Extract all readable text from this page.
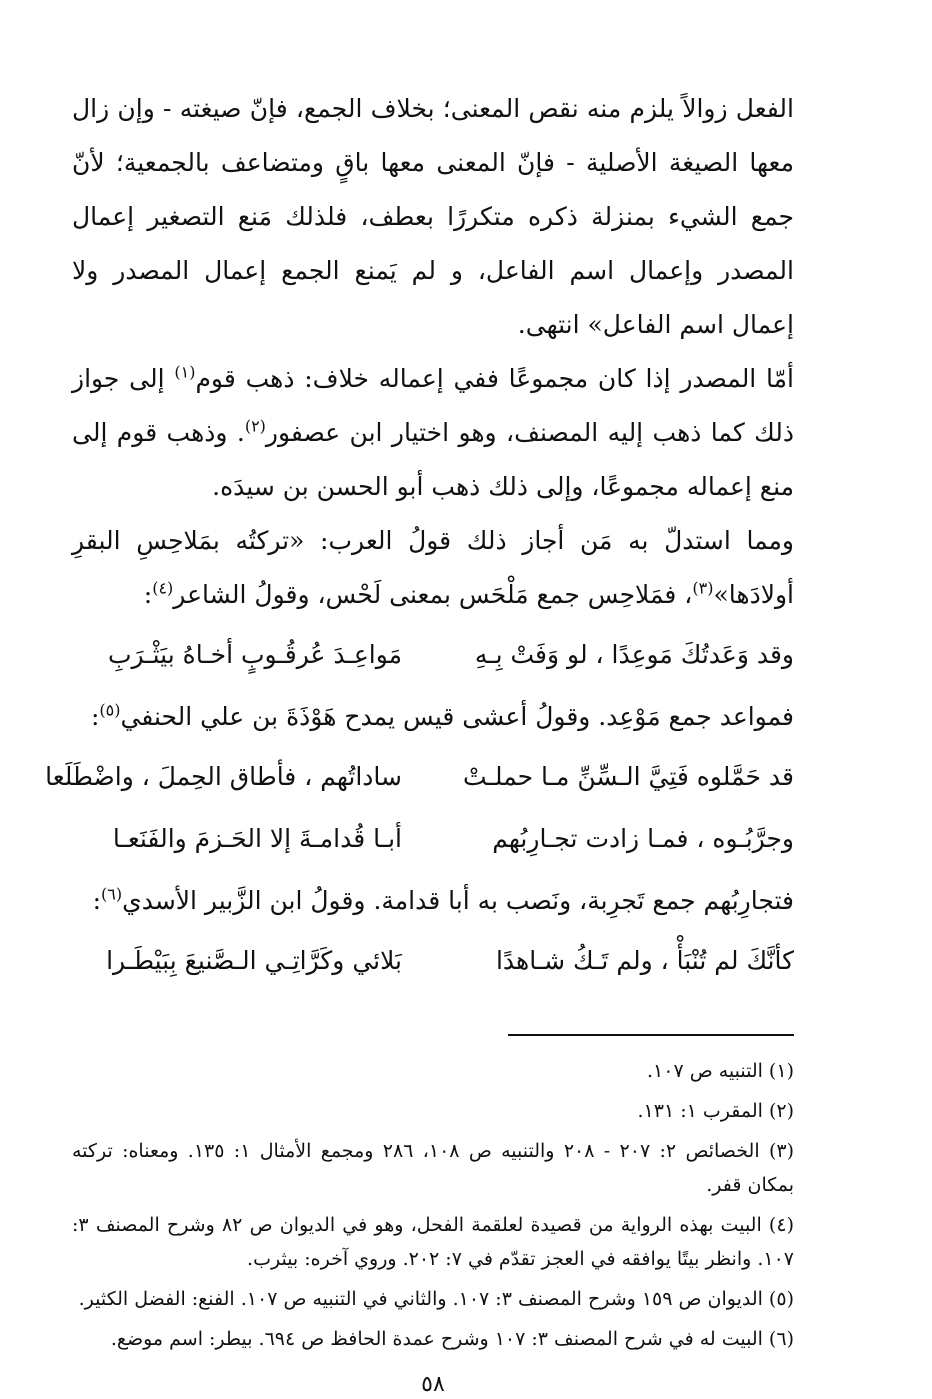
الفعل زوالاً يلزم منه نقص المعنى؛ بخلاف الجمع، فإنّ صيغته - وإن زال معها الصيغة الأصلية - فإنّ المعنى معها باقٍ ومتضاعف بالجمعية؛ لأنّ جمع الشيء بمنزلة ذكره متكررًا بعطف، فلذلك مَنع التصغير إعمال المصدر وإعمال اسم الفاعل، و لم يَمنع الجمع إعمال المصدر ولا إعمال اسم الفاعل» انتهى.

أمّا المصدر إذا كان مجموعًا ففي إعماله خلاف: ذهب قوم$^{(١)}$ إلى جواز ذلك كما ذهب إليه المصنف، وهو اختيار ابن عصفور$^{(٢)}$. وذهب قوم إلى منع إعماله مجموعًا، وإلى ذلك ذهب أبو الحسن بن سيدَه.

ومما استدلّ به مَن أجاز ذلك قولُ العرب: «تركتُه بمَلاحِسِ البقرِ أولادَها»$^{(٣)}$، فمَلاحِس جمع مَلْحَس بمعنى لَحْس، وقولُ الشاعر$^{(٤)}$:

وقد وَعَدتُكَ مَوعِدًا ، لو وَفَتْ بِـهِ
مَواعِـدَ عُرقُـوبٍ أخـاهُ بيَثْـرَبِ

فمواعد جمع مَوْعِد. وقولُ أعشى قيس يمدح هَوْذَةَ بن علي الحنفي$^{(٥)}$:

قد حَمَّلوه فَتِيَّ الـسِّنِّ مـا حملـتْ
ساداتُهم ، فأطاق الحِملَ ، واضْطَلَعا
وجرَّبُـوه ، فمـا زادت تجـارِبُهم
أبـا قُدامـةَ إلا الحَـزمَ والفَنَعـا

فتجارِبُهم جمع تَجرِبة، ونَصب به أبا قدامة. وقولُ ابن الزَّبير الأسدي$^{(٦)}$:

كأنَّكَ لم تُنْبَأْ ، ولم تَـكُ شـاهدًا
بَلائي وكَرَّاتِـي الـصَّنيعَ بِبَيْطَـرا

(١) التنبيه ص ١٠٧.

(٢) المقرب ١: ١٣١.

(٣) الخصائص ٢: ٢٠٧ - ٢٠٨ والتنبيه ص ١٠٨، ٢٨٦ ومجمع الأمثال ١: ١٣٥. ومعناه: تركته بمكان قفر.

(٤) البيت بهذه الرواية من قصيدة لعلقمة الفحل، وهو في الديوان ص ٨٢ وشرح المصنف ٣: ١٠٧. وانظر بيتًا يوافقه في العجز تقدّم في ٧: ٢٠٢. وروي آخره: بيثرب.

(٥) الديوان ص ١٥٩ وشرح المصنف ٣: ١٠٧. والثاني في التنبيه ص ١٠٧. الفنع: الفضل الكثير.

(٦) البيت له في شرح المصنف ٣: ١٠٧ وشرح عمدة الحافظ ص ٦٩٤. بيطر: اسم موضع.

٥٨
